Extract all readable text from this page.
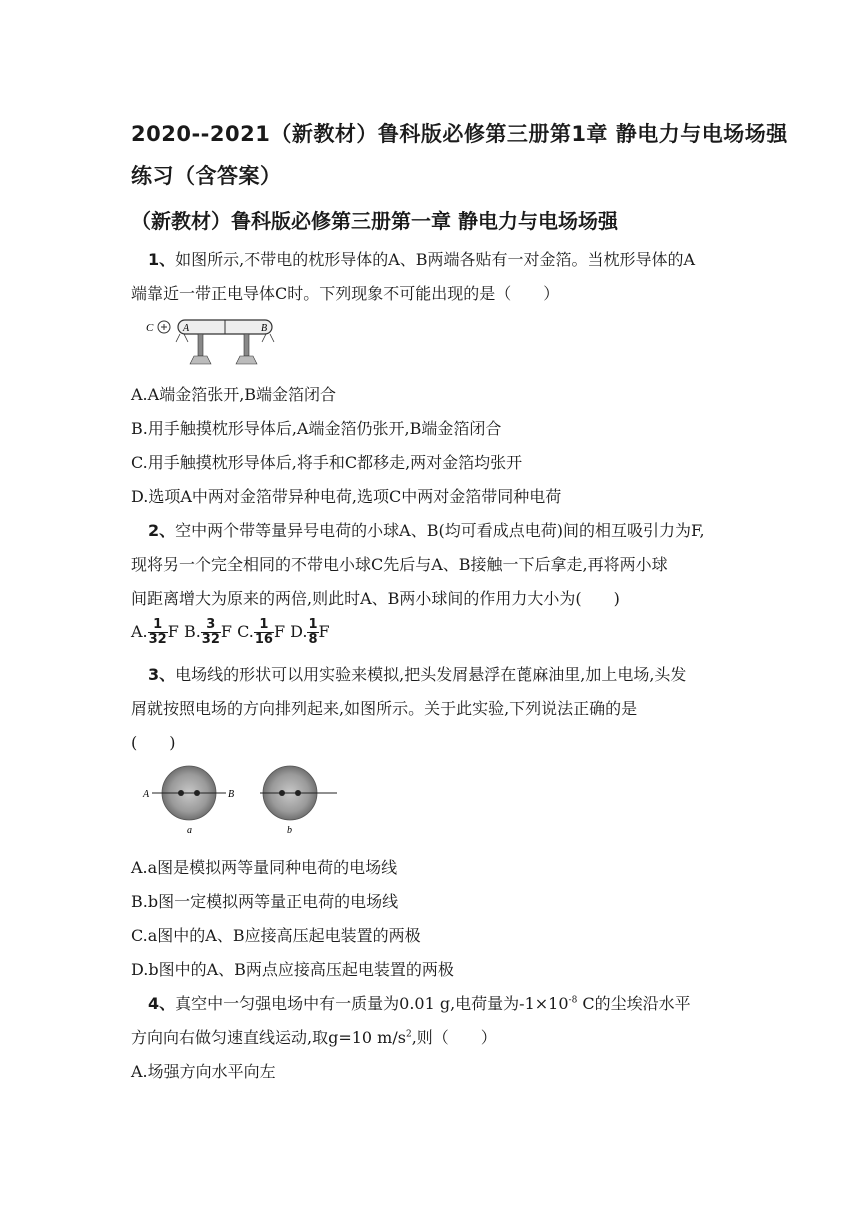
2020--2021（新教材）鲁科版必修第三册第1章 静电力与电场场强
练习（含答案）
（新教材）鲁科版必修第三册第一章 静电力与电场场强
1、如图所示,不带电的枕形导体的A、B两端各贴有一对金箔。当枕形导体的A
端靠近一带正电导体C时。下列现象不可能出现的是（　　）
C	A	B
A.A端金箔张开,B端金箔闭合
B.用手触摸枕形导体后,A端金箔仍张开,B端金箔闭合
C.用手触摸枕形导体后,将手和C都移走,两对金箔均张开
D.选项A中两对金箔带异种电荷,选项C中两对金箔带同种电荷
2、空中两个带等量异号电荷的小球A、B(均可看成点电荷)间的相互吸引力为F,
现将另一个完全相同的不带电小球C先后与A、B接触一下后拿走,再将两小球
间距离增大为原来的两倍,则此时A、B两小球间的作用力大小为(　　)
A. $\frac{1}{32}$ F B. $\frac{3}{32}$ F C. $\frac{1}{16}$ F D. $\frac{1}{8}$ F
3、电场线的形状可以用实验来模拟,把头发屑悬浮在蓖麻油里,加上电场,头发
屑就按照电场的方向排列起来,如图所示。关于此实验,下列说法正确的是
(　　)
A	B
a	b
A.a图是模拟两等量同种电荷的电场线
B.b图一定模拟两等量正电荷的电场线
C.a图中的A、B应接高压起电装置的两极
D.b图中的A、B两点应接高压起电装置的两极
4、真空中一匀强电场中有一质量为0.01 g,电荷量为$-1\times 10^{-8}$ C的尘埃沿水平
方向向右做匀速直线运动,取g=10 $m/s^2$,则（　　）
A.场强方向水平向左
